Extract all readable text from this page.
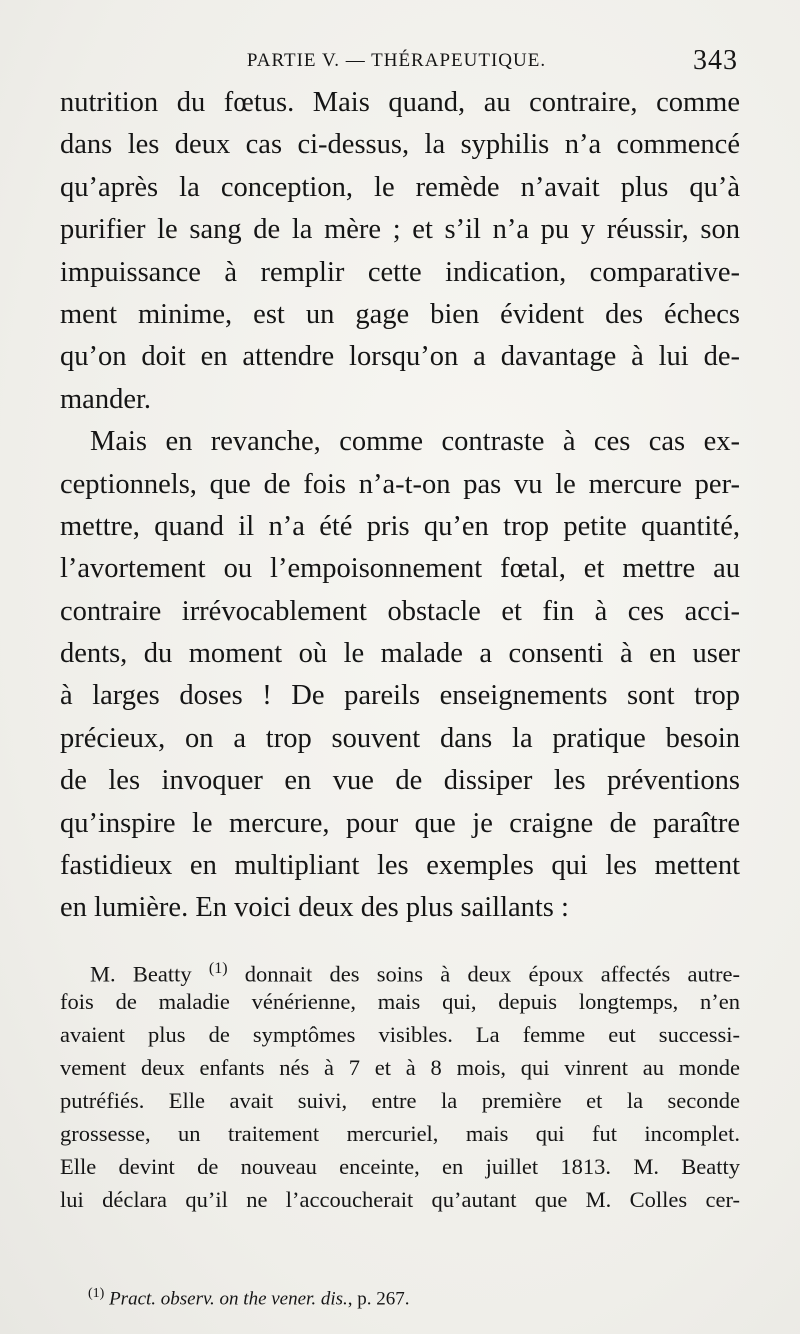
PARTIE V. — THÉRAPEUTIQUE.	343

nutrition du fœtus. Mais quand, au contraire, comme
dans les deux cas ci-dessus, la syphilis n’a commencé
qu’après la conception, le remède n’avait plus qu’à
purifier le sang de la mère ; et s’il n’a pu y réussir, son
impuissance à remplir cette indication, comparative-
ment minime, est un gage bien évident des échecs
qu’on doit en attendre lorsqu’on a davantage à lui de-
mander.

Mais en revanche, comme contraste à ces cas ex-
ceptionnels, que de fois n’a-t-on pas vu le mercure per-
mettre, quand il n’a été pris qu’en trop petite quantité,
l’avortement ou l’empoisonnement fœtal, et mettre au
contraire irrévocablement obstacle et fin à ces acci-
dents, du moment où le malade a consenti à en user
à larges doses ! De pareils enseignements sont trop
précieux, on a trop souvent dans la pratique besoin
de les invoquer en vue de dissiper les préventions
qu’inspire le mercure, pour que je craigne de paraître
fastidieux en multipliant les exemples qui les mettent
en lumière. En voici deux des plus saillants :

M. Beatty $^{(1)}$ donnait des soins à deux époux affectés autre-
fois de maladie vénérienne, mais qui, depuis longtemps, n’en
avaient plus de symptômes visibles. La femme eut successi-
vement deux enfants nés à 7 et à 8 mois, qui vinrent au monde
putréfiés. Elle avait suivi, entre la première et la seconde
grossesse, un traitement mercuriel, mais qui fut incomplet.
Elle devint de nouveau enceinte, en juillet 1813. M. Beatty
lui déclara qu’il ne l’accoucherait qu’autant que M. Colles cer-
$^{(1)}$ Pract. observ. on the vener. dis., p. 267.
